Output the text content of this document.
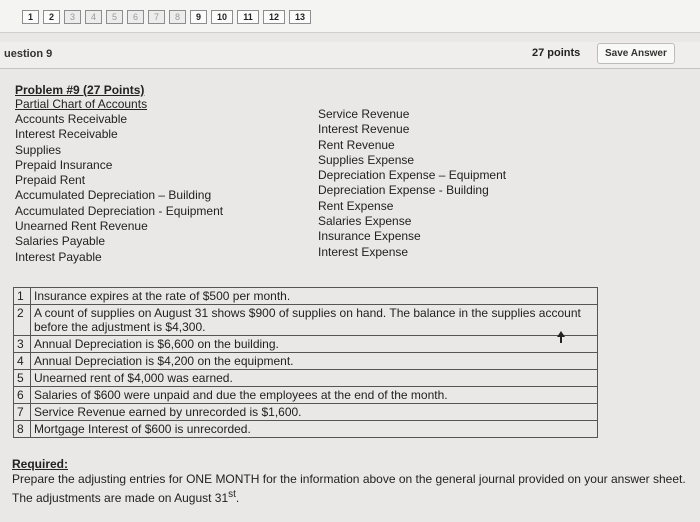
1	2	3	4	5	6	7	8	9	10	11	12	13
uestion 9	27 points	Save Answer
Problem #9 (27 Points)
Partial Chart of Accounts
Accounts Receivable
Interest Receivable
Supplies
Prepaid Insurance
Prepaid Rent
Accumulated Depreciation – Building
Accumulated Depreciation - Equipment
Unearned Rent Revenue
Salaries Payable
Interest Payable
Service Revenue
Interest Revenue
Rent Revenue
Supplies Expense
Depreciation Expense – Equipment
Depreciation Expense - Building
Rent Expense
Salaries Expense
Insurance Expense
Interest Expense
1	Insurance expires at the rate of $500 per month.
2	A count of supplies on August 31 shows $900 of supplies on hand. The balance in the supplies account before the adjustment is $4,300.
3	Annual Depreciation is $6,600 on the building.
4	Annual Depreciation is $4,200 on the equipment.
5	Unearned rent of $4,000 was earned.
6	Salaries of $600 were unpaid and due the employees at the end of the month.
7	Service Revenue earned by unrecorded is $1,600.
8	Mortgage Interest of $600 is unrecorded.
Required:
Prepare the adjusting entries for ONE MONTH for the information above on the general journal provided on your answer sheet. The adjustments are made on August 31st.
